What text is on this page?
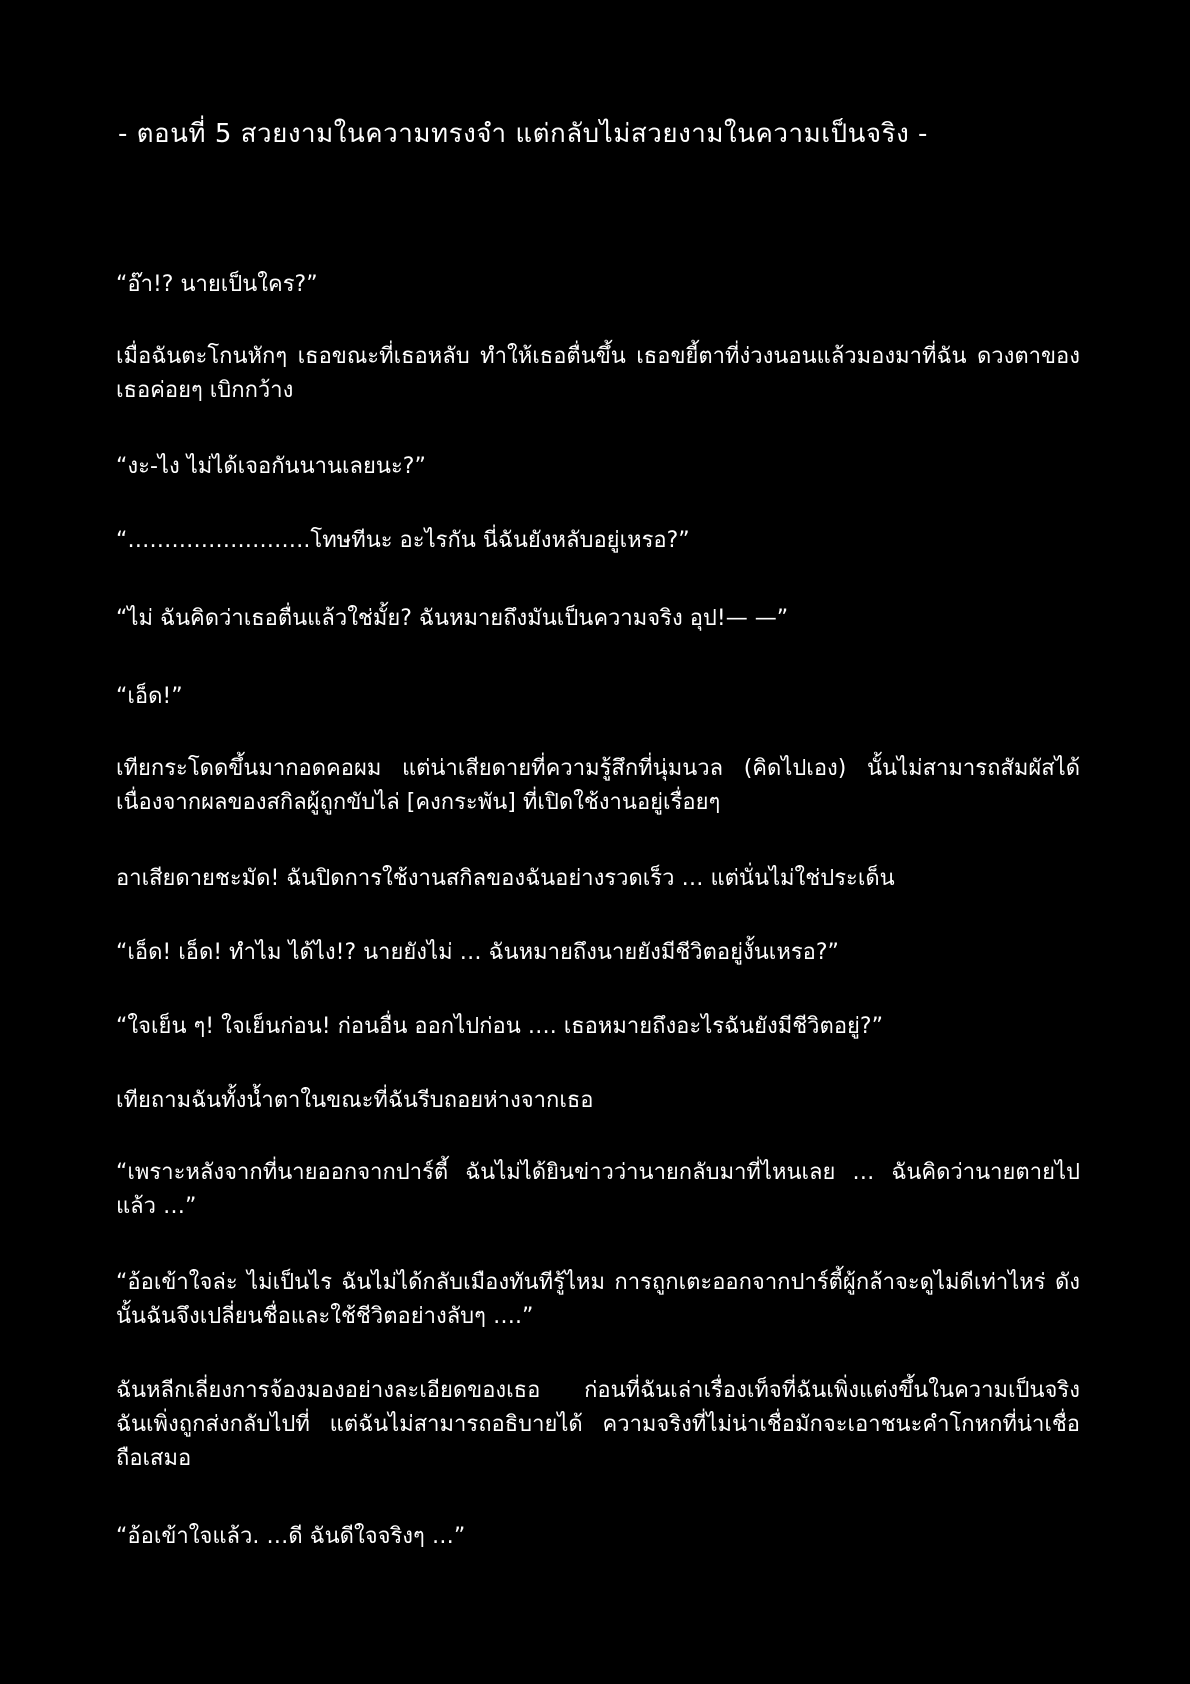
- ตอนที่ 5 สวยงามในความทรงจำ แต่กลับไม่สวยงามในความเป็นจริง -
“อ๊า!? นายเป็นใคร?”
เมื่อฉันตะโกนหักๆ เธอขณะที่เธอหลับ ทำให้เธอตื่นขึ้น เธอขยี้ตาที่ง่วงนอนแล้วมองมาที่ฉัน ดวงตาของเธอค่อยๆ เบิกกว้าง
“งะ-ไง ไม่ได้เจอกันนานเลยนะ?”
“…………………….โทษทีนะ อะไรกัน นี่ฉันยังหลับอยู่เหรอ?”
“ไม่ ฉันคิดว่าเธอตื่นแล้วใช่มั้ย? ฉันหมายถึงมันเป็นความจริง อุป!— —”
“เอ็ด!”
เทียกระโดดขึ้นมากอดคอผม แต่น่าเสียดายที่ความรู้สึกที่นุ่มนวล (คิดไปเอง) นั้นไม่สามารถสัมผัสได้เนื่องจากผลของสกิลผู้ถูกขับไล่ [คงกระพัน] ที่เปิดใช้งานอยู่เรื่อยๆ
อาเสียดายชะมัด! ฉันปิดการใช้งานสกิลของฉันอย่างรวดเร็ว … แต่นั่นไม่ใช่ประเด็น
“เอ็ด! เอ็ด! ทำไม ได้ไง!? นายยังไม่ … ฉันหมายถึงนายยังมีชีวิตอยู่งั้นเหรอ?”
“ใจเย็น ๆ! ใจเย็นก่อน! ก่อนอื่น ออกไปก่อน …. เธอหมายถึงอะไรฉันยังมีชีวิตอยู่?”
เทียถามฉันทั้งน้ำตาในขณะที่ฉันรีบถอยห่างจากเธอ
“เพราะหลังจากที่นายออกจากปาร์ตี้ ฉันไม่ได้ยินข่าวว่านายกลับมาที่ไหนเลย … ฉันคิดว่านายตายไปแล้ว …”
“อ้อเข้าใจล่ะ ไม่เป็นไร ฉันไม่ได้กลับเมืองทันทีรู้ไหม การถูกเตะออกจากปาร์ตี้ผู้กล้าจะดูไม่ดีเท่าไหร่ ดังนั้นฉันจึงเปลี่ยนชื่อและใช้ชีวิตอย่างลับๆ ….”
ฉันหลีกเลี่ยงการจ้องมองอย่างละเอียดของเธอ ก่อนที่ฉันเล่าเรื่องเท็จที่ฉันเพิ่งแต่งขึ้นในความเป็นจริง ฉันเพิ่งถูกส่งกลับไปที่ แต่ฉันไม่สามารถอธิบายได้ ความจริงที่ไม่น่าเชื่อมักจะเอาชนะคำโกหกที่น่าเชื่อถือเสมอ
“อ้อเข้าใจแล้ว. …ดี ฉันดีใจจริงๆ …”
